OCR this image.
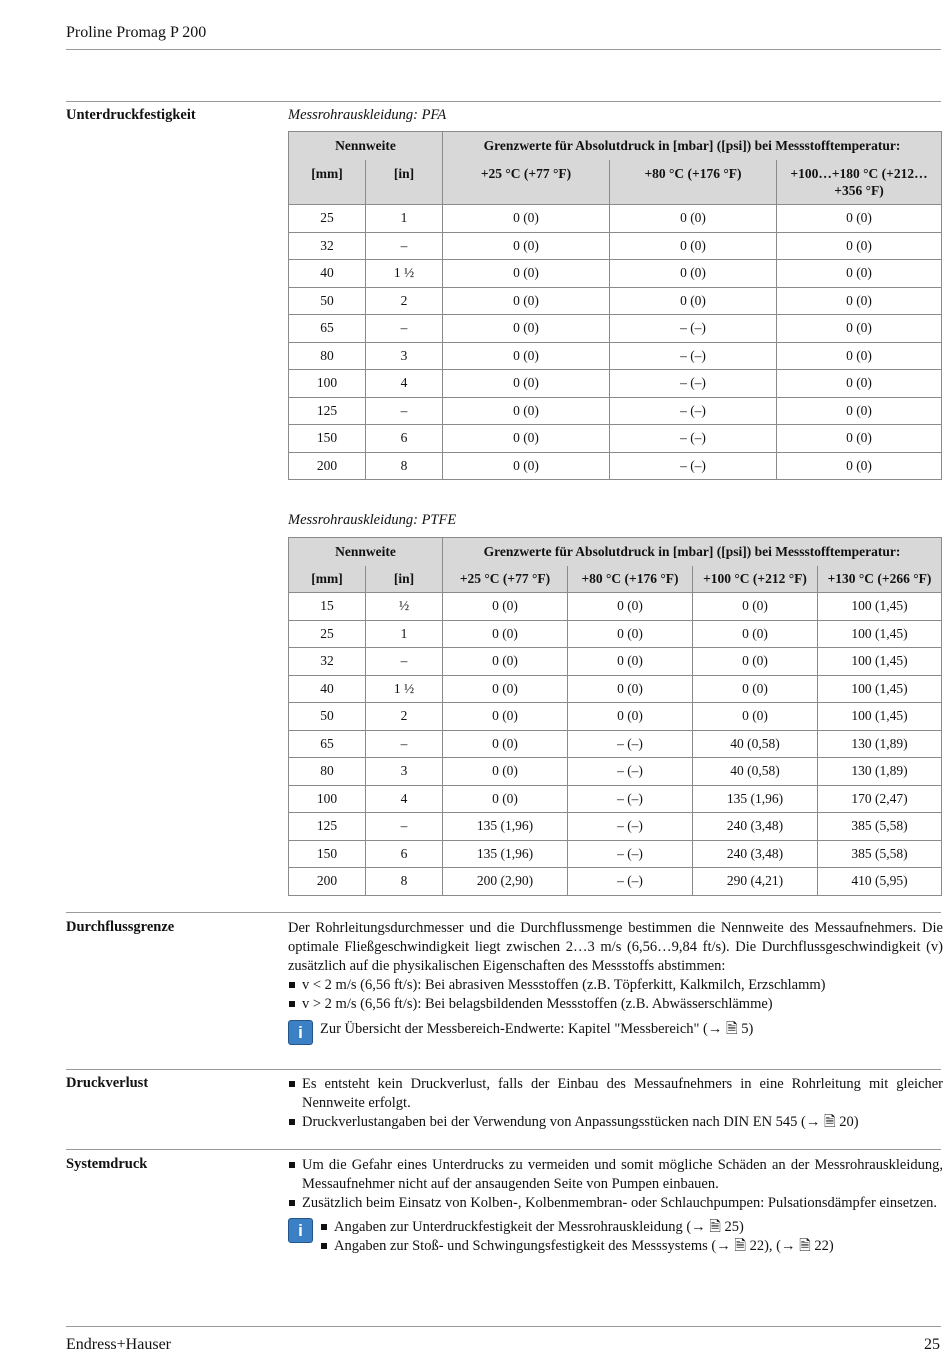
Proline Promag P 200
Unterdruckfestigkeit	Messrohrauskleidung: PFA
Nennweite		Grenzwerte für Absolutdruck in [mbar] ([psi]) bei Messstofftemperatur:		
[mm]	[in]	+25 °C (+77 °F)	+80 °C (+176 °F)	+100…+180 °C (+212…+356 °F)
25	1	0 (0)	0 (0)	0 (0)
32	–	0 (0)	0 (0)	0 (0)
40	1 ½	0 (0)	0 (0)	0 (0)
50	2	0 (0)	0 (0)	0 (0)
65	–	0 (0)	– (–)	0 (0)
80	3	0 (0)	– (–)	0 (0)
100	4	0 (0)	– (–)	0 (0)
125	–	0 (0)	– (–)	0 (0)
150	6	0 (0)	– (–)	0 (0)
200	8	0 (0)	– (–)	0 (0)
Messrohrauskleidung: PTFE
Nennweite		Grenzwerte für Absolutdruck in [mbar] ([psi]) bei Messstofftemperatur:			
[mm]	[in]	+25 °C (+77 °F)	+80 °C (+176 °F)	+100 °C (+212 °F)	+130 °C (+266 °F)
15	½	0 (0)	0 (0)	0 (0)	100 (1,45)
25	1	0 (0)	0 (0)	0 (0)	100 (1,45)
32	–	0 (0)	0 (0)	0 (0)	100 (1,45)
40	1 ½	0 (0)	0 (0)	0 (0)	100 (1,45)
50	2	0 (0)	0 (0)	0 (0)	100 (1,45)
65	–	0 (0)	– (–)	40 (0,58)	130 (1,89)
80	3	0 (0)	– (–)	40 (0,58)	130 (1,89)
100	4	0 (0)	– (–)	135 (1,96)	170 (2,47)
125	–	135 (1,96)	– (–)	240 (3,48)	385 (5,58)
150	6	135 (1,96)	– (–)	240 (3,48)	385 (5,58)
200	8	200 (2,90)	– (–)	290 (4,21)	410 (5,95)
Durchflussgrenze	Der Rohrleitungsdurchmesser und die Durchflussmenge bestimmen die Nennweite des Messaufnehmers. Die optimale Fließgeschwindigkeit liegt zwischen 2…3 m/s (6,56…9,84 ft/s). Die Durchflussgeschwindigkeit (v) zusätzlich auf die physikalischen Eigenschaften des Messstoffs abstimmen:

v < 2 m/s (6,56 ft/s): Bei abrasiven Messstoffen (z.B. Töpferkitt, Kalkmilch, Erzschlamm)
v > 2 m/s (6,56 ft/s): Bei belagsbildenden Messstoffen (z.B. Abwässerschlämme)
i	Zur Übersicht der Messbereich-Endwerte: Kapitel "Messbereich" (→ 🗎 5)
Druckverlust	Es entsteht kein Druckverlust, falls der Einbau des Messaufnehmers in eine Rohrleitung mit gleicher Nennweite erfolgt.
Druckverlustangaben bei der Verwendung von Anpassungsstücken nach DIN EN 545 (→ 🗎 20)
Systemdruck	Um die Gefahr eines Unterdrucks zu vermeiden und somit mögliche Schäden an der Messrohrauskleidung, Messaufnehmer nicht auf der ansaugenden Seite von Pumpen einbauen.
Zusätzlich beim Einsatz von Kolben-, Kolbenmembran- oder Schlauchpumpen: Pulsationsdämpfer einsetzen.
i	Angaben zur Unterdruckfestigkeit der Messrohrauskleidung (→ 🗎 25)
Angaben zur Stoß- und Schwingungsfestigkeit des Messsystems (→ 🗎 22), (→ 🗎 22)
Endress+Hauser	25
